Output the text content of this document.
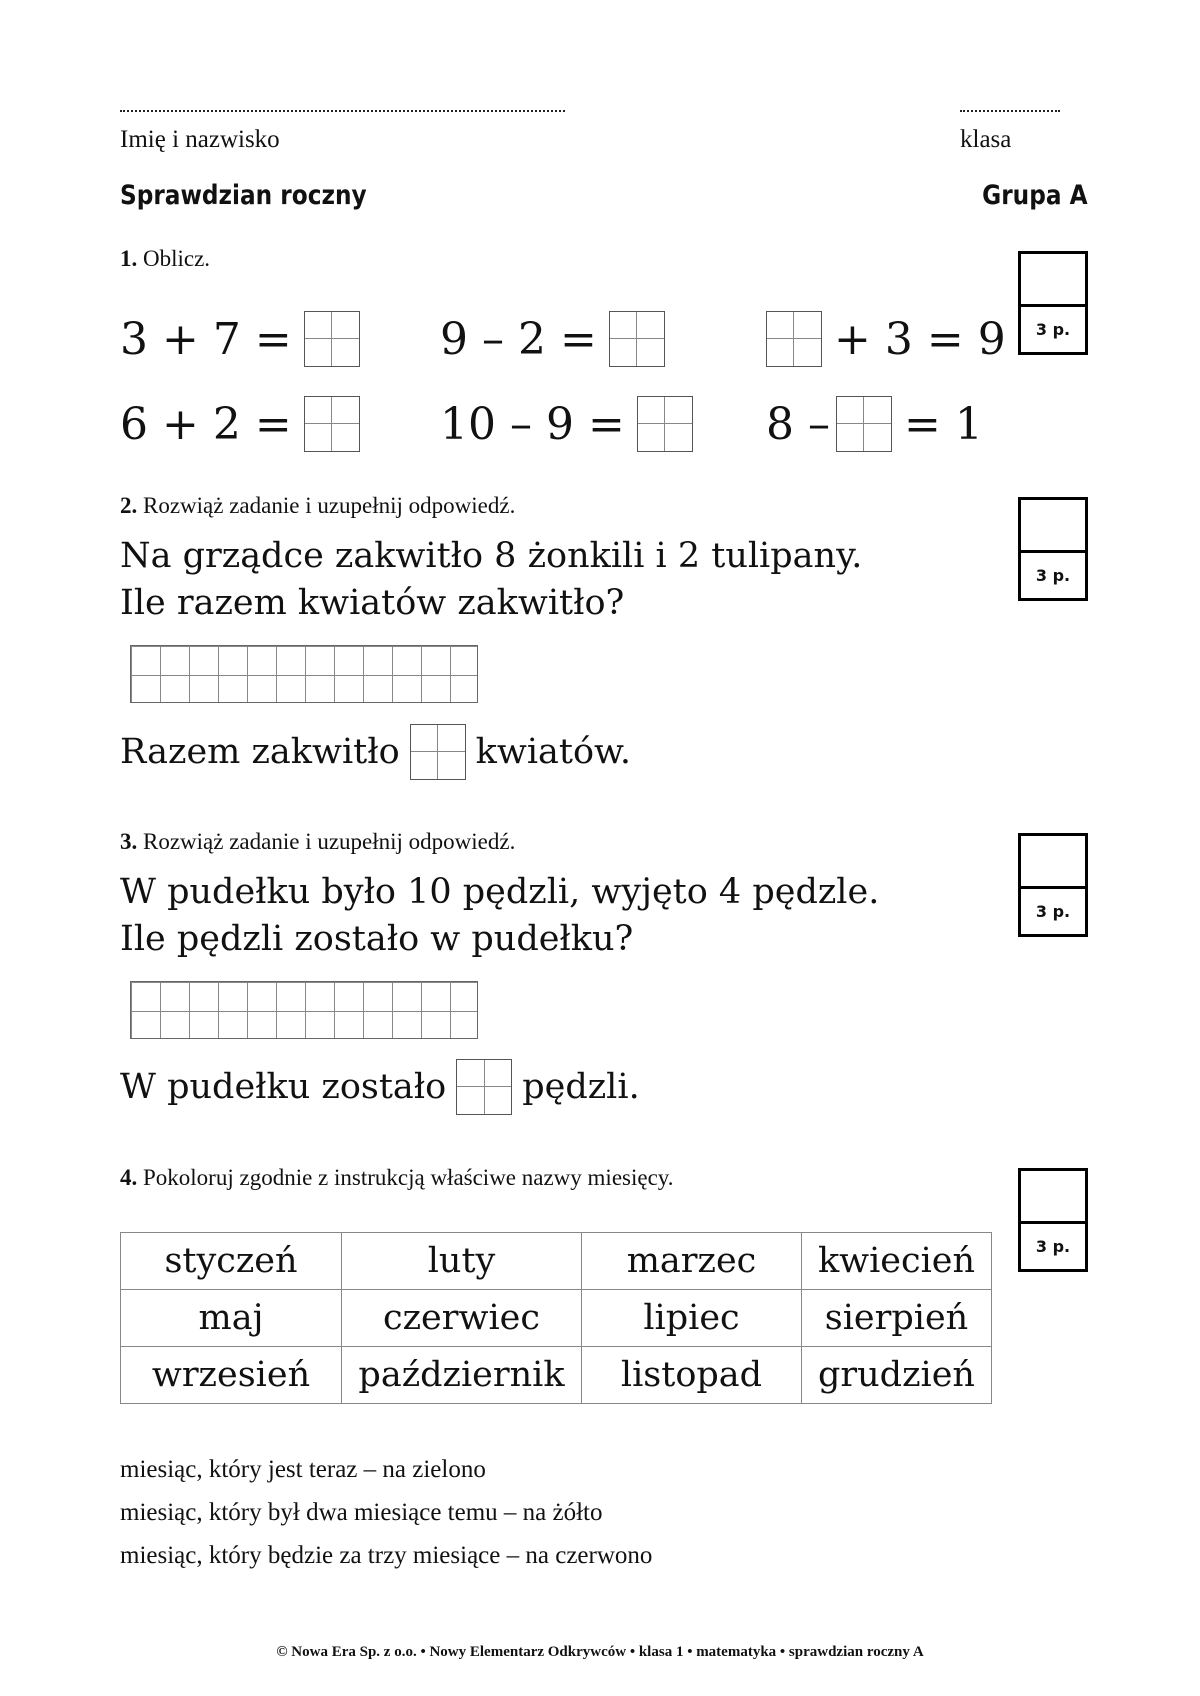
Imię i nazwisko	klasa
Sprawdzian roczny	Grupa A
1. Oblicz.
3 p.
3 + 7 =	9 – 2 =	+ 3 = 9
6 + 2 =	10 – 9 =	8 – = 1
2. Rozwiąż zadanie i uzupełnij odpowiedź.
3 p.
Na grządce zakwitło 8 żonkili i 2 tulipany.
Ile razem kwiatów zakwitło?
Razem zakwitło kwiatów.
3. Rozwiąż zadanie i uzupełnij odpowiedź.
3 p.
W pudełku było 10 pędzli, wyjęto 4 pędzle.
Ile pędzli zostało w pudełku?
W pudełku zostało pędzli.
4. Pokoloruj zgodnie z instrukcją właściwe nazwy miesięcy.
3 p.
styczeń	luty	marzec	kwiecień
maj	czerwiec	lipiec	sierpień
wrzesień	październik	listopad	grudzień
miesiąc, który jest teraz – na zielono
miesiąc, który był dwa miesiące temu – na żółto
miesiąc, który będzie za trzy miesiące – na czerwono
© Nowa Era Sp. z o.o. • Nowy Elementarz Odkrywców • klasa 1 • matematyka • sprawdzian roczny A
